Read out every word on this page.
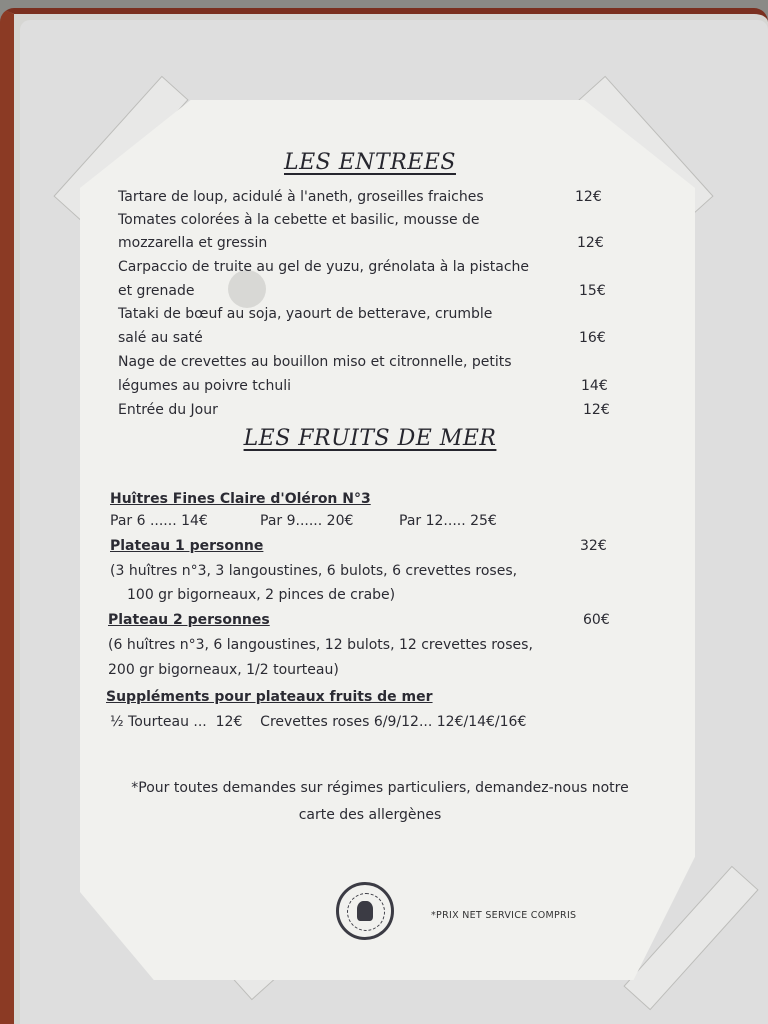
LES ENTREES
Tartare de loup, acidulé à l'aneth, groseilles fraiches	12€
Tomates colorées à la cebette et basilic, mousse de
mozzarella et gressin	12€
Carpaccio de truite au gel de yuzu, grénolata à la pistache
et grenade	15€
Tataki de bœuf au soja, yaourt de betterave, crumble
salé au saté	16€
Nage de crevettes au bouillon miso et citronnelle, petits
légumes au poivre tchuli	14€
Entrée du Jour	12€
LES FRUITS DE MER
Huîtres Fines Claire d'Oléron N°3
Par 6 ...... 14€	Par 9...... 20€	Par 12..... 25€
Plateau 1 personne	32€
(3 huîtres n°3, 3 langoustines, 6 bulots, 6 crevettes roses,
100 gr bigorneaux, 2 pinces de crabe)
Plateau 2 personnes	60€
(6 huîtres n°3, 6 langoustines, 12 bulots, 12 crevettes roses,
200 gr bigorneaux, 1/2 tourteau)
Suppléments pour plateaux fruits de mer
½ Tourteau ...  12€    Crevettes roses 6/9/12... 12€/14€/16€
*Pour toutes demandes sur régimes particuliers, demandez-nous notre
carte des allergènes
*PRIX NET SERVICE COMPRIS
